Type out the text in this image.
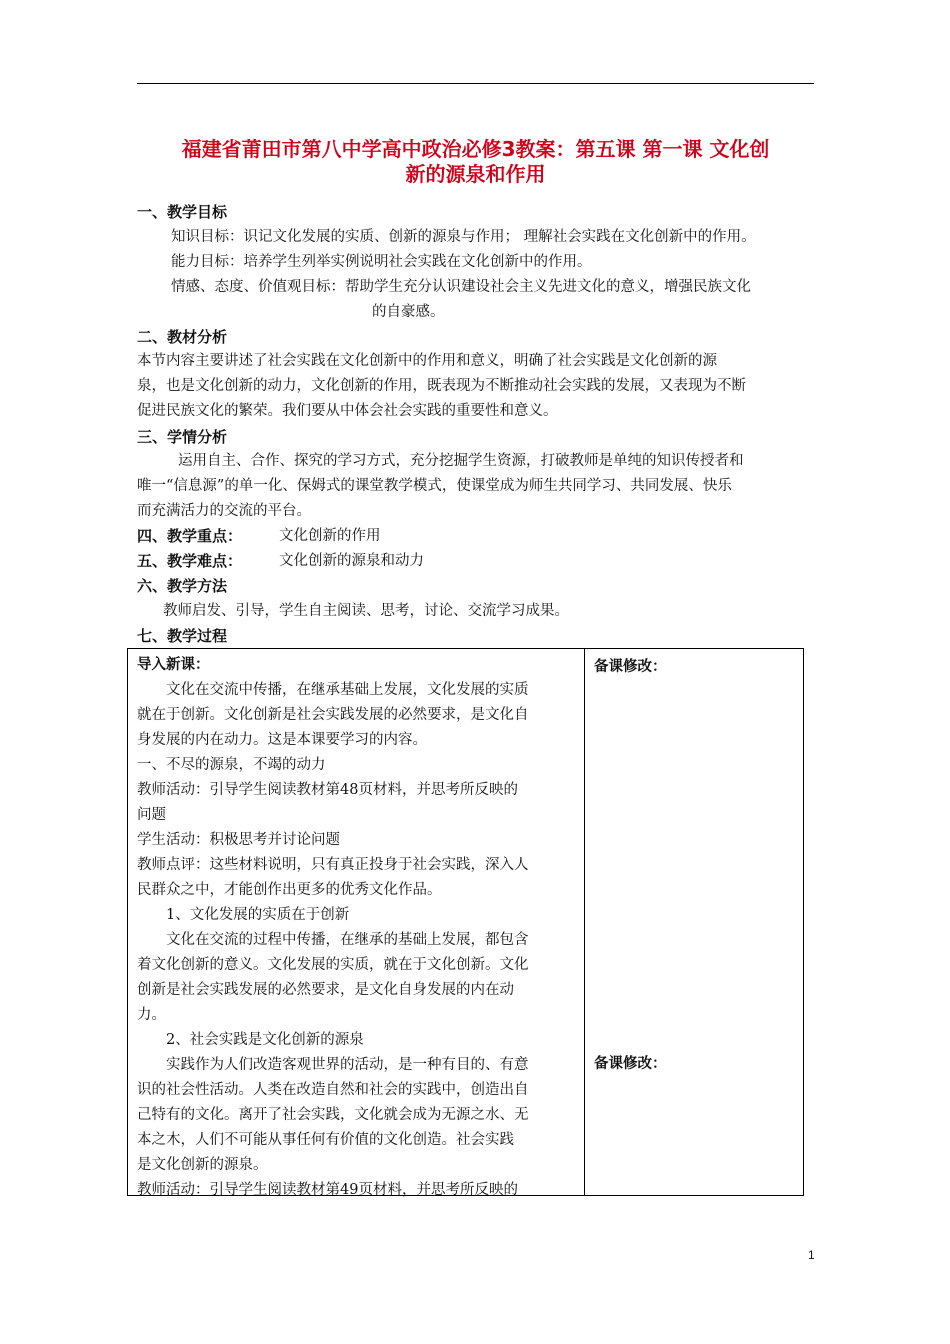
福建省莆田市第八中学高中政治必修3教案：第五课 第一课 文化创
新的源泉和作用
一、教学目标
知识目标：识记文化发展的实质、创新的源泉与作用； 理解社会实践在文化创新中的作用。
能力目标：培养学生列举实例说明社会实践在文化创新中的作用。
情感、态度、价值观目标：帮助学生充分认识建设社会主义先进文化的意义，增强民族文化
的自豪感。
二、教材分析
本节内容主要讲述了社会实践在文化创新中的作用和意义，明确了社会实践是文化创新的源
泉，也是文化创新的动力，文化创新的作用，既表现为不断推动社会实践的发展，又表现为不断
促进民族文化的繁荣。我们要从中体会社会实践的重要性和意义。
三、学情分析
运用自主、合作、探究的学习方式，充分挖掘学生资源，打破教师是单纯的知识传授者和
唯一“信息源”的单一化、保姆式的课堂教学模式，使课堂成为师生共同学习、共同发展、快乐
而充满活力的交流的平台。
四、教学重点：	文化创新的作用
五、教学难点：	文化创新的源泉和动力
六、教学方法
教师启发、引导，学生自主阅读、思考，讨论、交流学习成果。
七、教学过程
导入新课：
文化在交流中传播，在继承基础上发展，文化发展的实质
就在于创新。文化创新是社会实践发展的必然要求，是文化自
身发展的内在动力。这是本课要学习的内容。
一、不尽的源泉，不竭的动力
教师活动：引导学生阅读教材第48页材料，并思考所反映的
问题
学生活动：积极思考并讨论问题
教师点评：这些材料说明，只有真正投身于社会实践，深入人
民群众之中，才能创作出更多的优秀文化作品。
1、文化发展的实质在于创新
文化在交流的过程中传播，在继承的基础上发展，都包含
着文化创新的意义。文化发展的实质，就在于文化创新。文化
创新是社会实践发展的必然要求，是文化自身发展的内在动
力。
2、社会实践是文化创新的源泉
实践作为人们改造客观世界的活动，是一种有目的、有意
识的社会性活动。人类在改造自然和社会的实践中，创造出自
己特有的文化。离开了社会实践，文化就会成为无源之水、无
本之木，人们不可能从事任何有价值的文化创造。社会实践
是文化创新的源泉。
教师活动：引导学生阅读教材第49页材料，并思考所反映的
备课修改：
备课修改：
1
